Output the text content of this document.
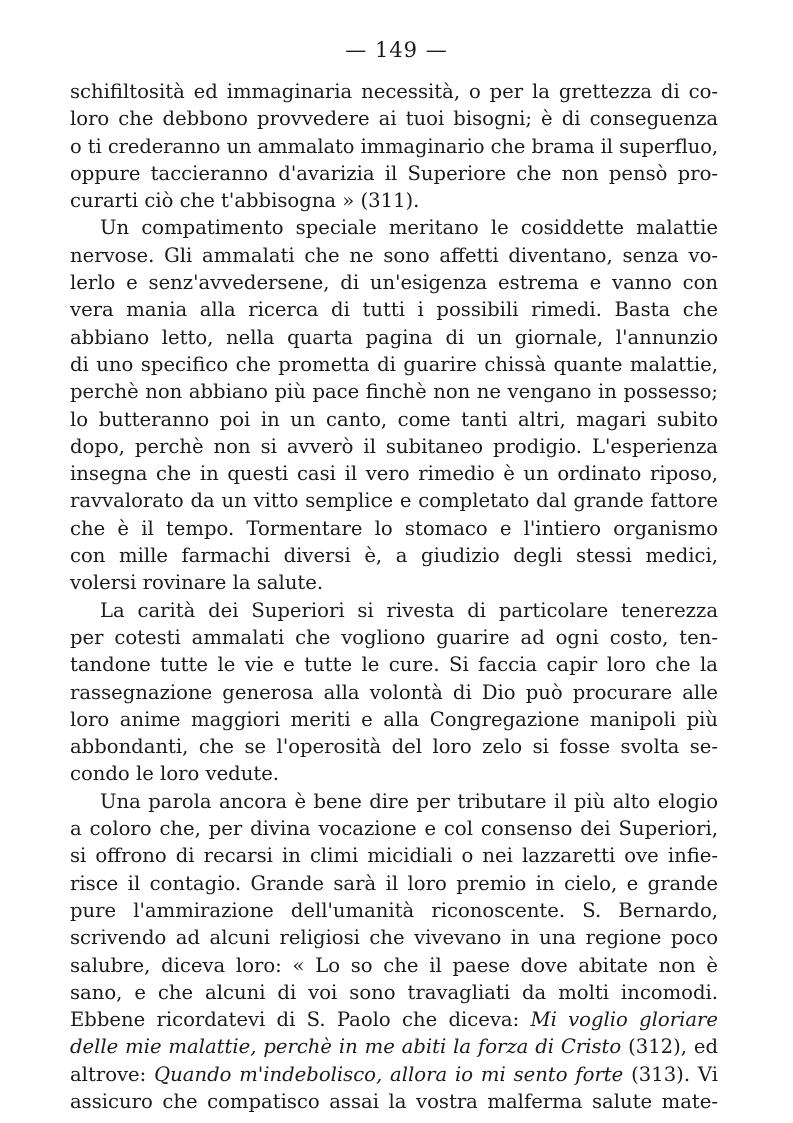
— 149 —
schifiltosità ed immaginaria necessità, o per la grettezza di co-
loro che debbono provvedere ai tuoi bisogni; è di conseguenza
o ti crederanno un ammalato immaginario che brama il superfluo,
oppure taccieranno d'avarizia il Superiore che non pensò pro-
curarti ciò che t'abbisogna » (311).
Un compatimento speciale meritano le cosiddette malattie
nervose. Gli ammalati che ne sono affetti diventano, senza vo-
lerlo e senz'avvedersene, di un'esigenza estrema e vanno con
vera mania alla ricerca di tutti i possibili rimedi. Basta che
abbiano letto, nella quarta pagina di un giornale, l'annunzio
di uno specifico che prometta di guarire chissà quante malattie,
perchè non abbiano più pace finchè non ne vengano in possesso;
lo butteranno poi in un canto, come tanti altri, magari subito
dopo, perchè non si avverò il subitaneo prodigio. L'esperienza
insegna che in questi casi il vero rimedio è un ordinato riposo,
ravvalorato da un vitto semplice e completato dal grande fattore
che è il tempo. Tormentare lo stomaco e l'intiero organismo
con mille farmachi diversi è, a giudizio degli stessi medici,
volersi rovinare la salute.
La carità dei Superiori si rivesta di particolare tenerezza
per cotesti ammalati che vogliono guarire ad ogni costo, ten-
tandone tutte le vie e tutte le cure. Si faccia capir loro che la
rassegnazione generosa alla volontà di Dio può procurare alle
loro anime maggiori meriti e alla Congregazione manipoli più
abbondanti, che se l'operosità del loro zelo si fosse svolta se-
condo le loro vedute.
Una parola ancora è bene dire per tributare il più alto elogio
a coloro che, per divina vocazione e col consenso dei Superiori,
si offrono di recarsi in climi micidiali o nei lazzaretti ove infie-
risce il contagio. Grande sarà il loro premio in cielo, e grande
pure l'ammirazione dell'umanità riconoscente. S. Bernardo,
scrivendo ad alcuni religiosi che vivevano in una regione poco
salubre, diceva loro: « Lo so che il paese dove abitate non è
sano, e che alcuni di voi sono travagliati da molti incomodi.
Ebbene ricordatevi di S. Paolo che diceva: Mi voglio gloriare
delle mie malattie, perchè in me abiti la forza di Cristo (312), ed
altrove: Quando m'indebolisco, allora io mi sento forte (313). Vi
assicuro che compatisco assai la vostra malferma salute mate-
